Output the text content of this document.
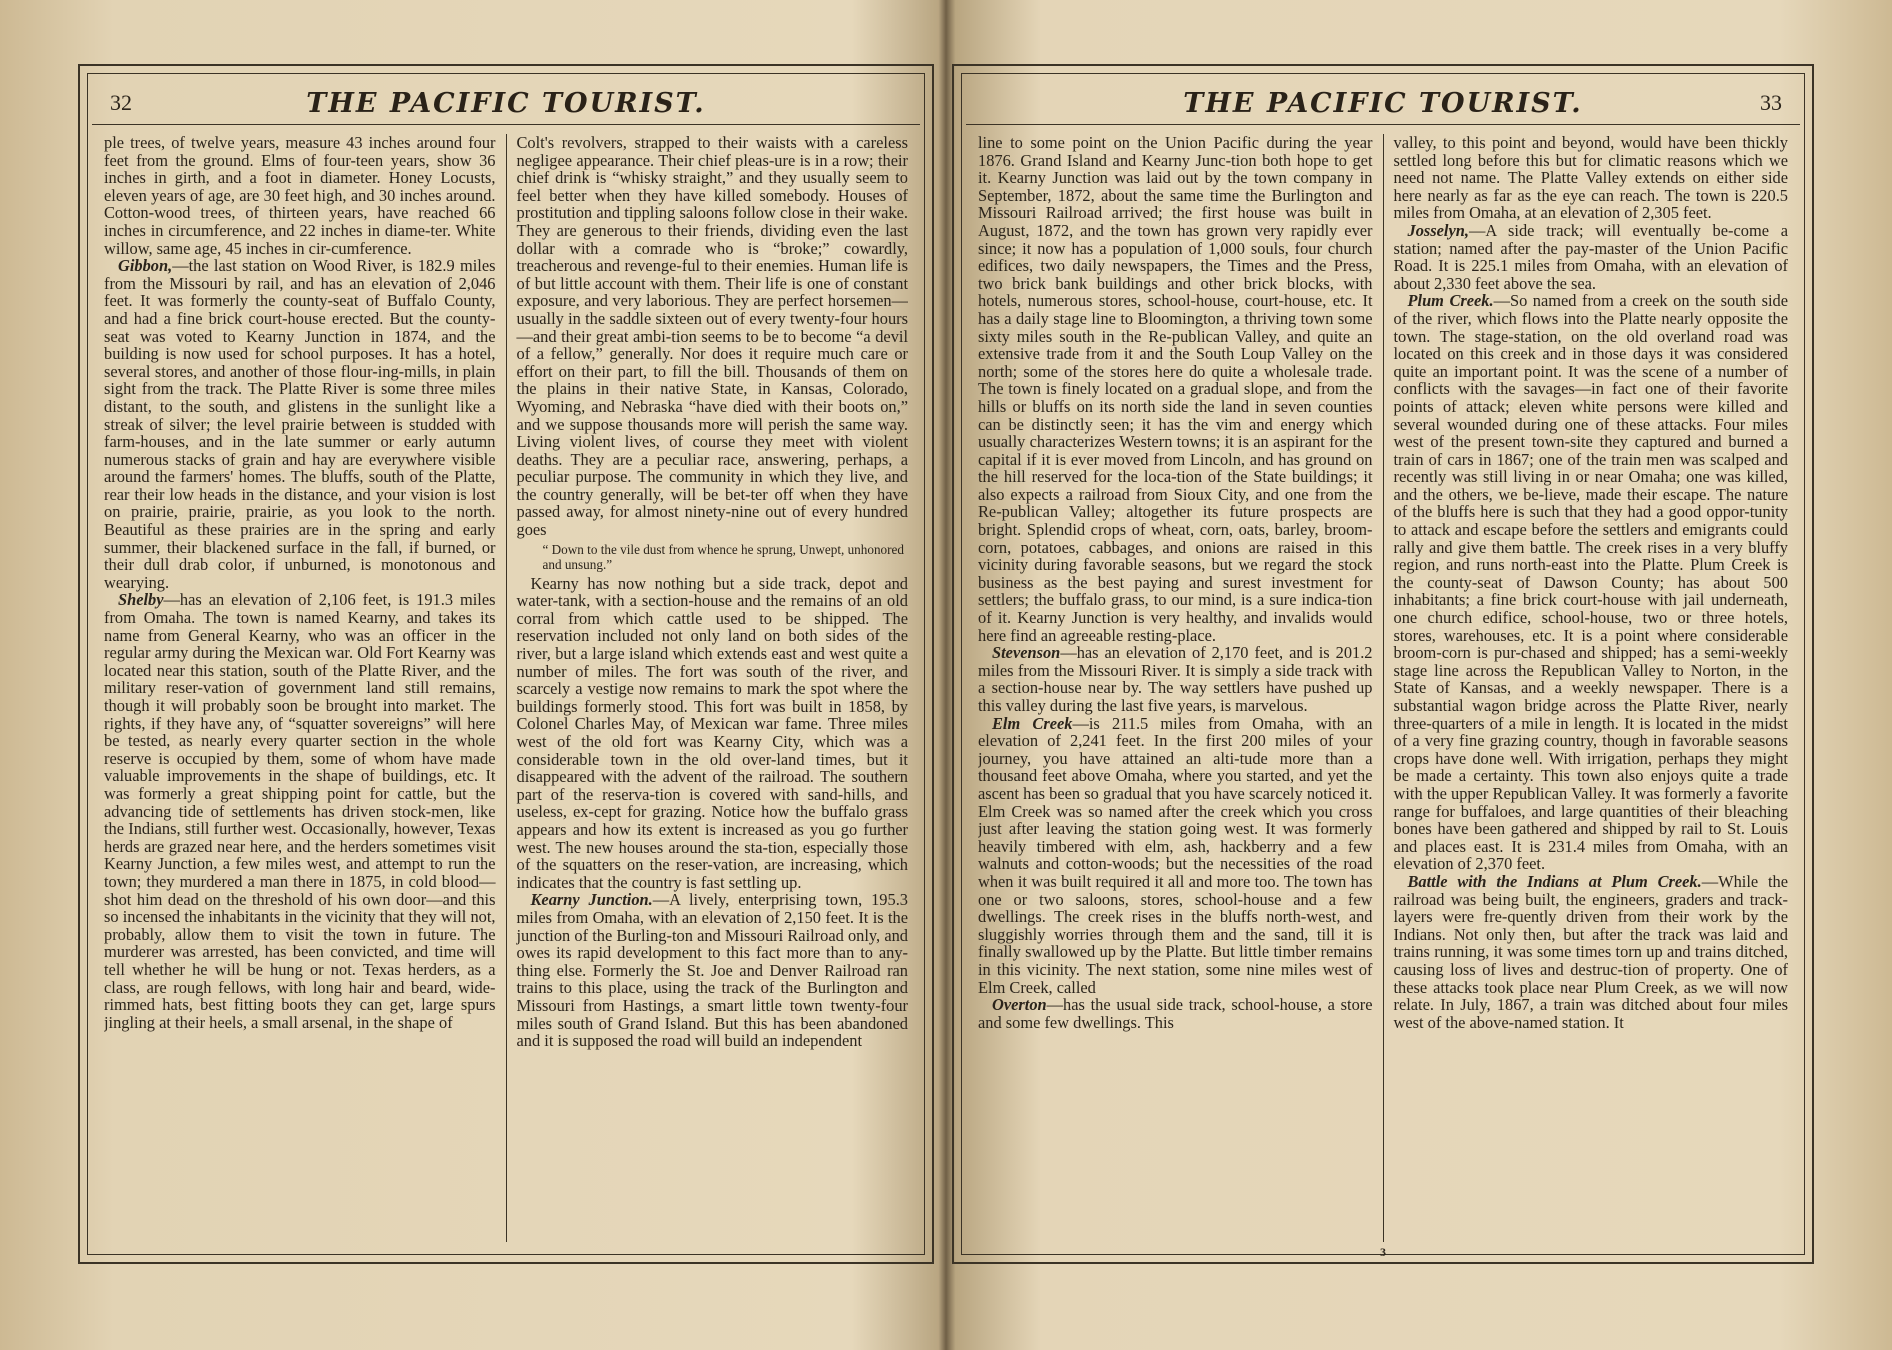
32	THE PACIFIC TOURIST.

ple trees, of twelve years, measure 43 inches around four feet from the ground. Elms of four-teen years, show 36 inches in girth, and a foot in diameter. Honey Locusts, eleven years of age, are 30 feet high, and 30 inches around. Cotton-wood trees, of thirteen years, have reached 66 inches in circumference, and 22 inches in diame-ter. White willow, same age, 45 inches in cir-cumference.

Gibbon,—the last station on Wood River, is 182.9 miles from the Missouri by rail, and has an elevation of 2,046 feet. It was formerly the county-seat of Buffalo County, and had a fine brick court-house erected. But the county-seat was voted to Kearny Junction in 1874, and the building is now used for school purposes. It has a hotel, several stores, and another of those flour-ing-mills, in plain sight from the track. The Platte River is some three miles distant, to the south, and glistens in the sunlight like a streak of silver; the level prairie between is studded with farm-houses, and in the late summer or early autumn numerous stacks of grain and hay are everywhere visible around the farmers' homes. The bluffs, south of the Platte, rear their low heads in the distance, and your vision is lost on prairie, prairie, prairie, as you look to the north. Beautiful as these prairies are in the spring and early summer, their blackened surface in the fall, if burned, or their dull drab color, if unburned, is monotonous and wearying.

Shelby—has an elevation of 2,106 feet, is 191.3 miles from Omaha. The town is named Kearny, and takes its name from General Kearny, who was an officer in the regular army during the Mexican war. Old Fort Kearny was located near this station, south of the Platte River, and the military reser-vation of government land still remains, though it will probably soon be brought into market. The rights, if they have any, of “squatter sovereigns” will here be tested, as nearly every quarter section in the whole reserve is occupied by them, some of whom have made valuable improvements in the shape of buildings, etc. It was formerly a great shipping point for cattle, but the advancing tide of settlements has driven stock-men, like the Indians, still further west. Occasionally, however, Texas herds are grazed near here, and the herders sometimes visit Kearny Junction, a few miles west, and attempt to run the town; they murdered a man there in 1875, in cold blood—shot him dead on the threshold of his own door—and this so incensed the inhabitants in the vicinity that they will not, probably, allow them to visit the town in future. The murderer was arrested, has been convicted, and time will tell whether he will be hung or not. Texas herders, as a class, are rough fellows, with long hair and beard, wide-rimmed hats, best fitting boots they can get, large spurs jingling at their heels, a small arsenal, in the shape of

Colt's revolvers, strapped to their waists with a careless negligee appearance. Their chief pleas-ure is in a row; their chief drink is “whisky straight,” and they usually seem to feel better when they have killed somebody. Houses of prostitution and tippling saloons follow close in their wake. They are generous to their friends, dividing even the last dollar with a comrade who is “broke;” cowardly, treacherous and revenge-ful to their enemies. Human life is of but little account with them. Their life is one of constant exposure, and very laborious. They are perfect horsemen—usually in the saddle sixteen out of every twenty-four hours—and their great ambi-tion seems to be to become “a devil of a fellow,” generally. Nor does it require much care or effort on their part, to fill the bill. Thousands of them on the plains in their native State, in Kansas, Colorado, Wyoming, and Nebraska “have died with their boots on,” and we suppose thousands more will perish the same way. Living violent lives, of course they meet with violent deaths. They are a peculiar race, answering, perhaps, a peculiar purpose. The community in which they live, and the country generally, will be bet-ter off when they have passed away, for almost ninety-nine out of every hundred goes

“ Down to the vile dust from whence he sprung, Unwept, unhonored and unsung.”

Kearny has now nothing but a side track, depot and water-tank, with a section-house and the remains of an old corral from which cattle used to be shipped. The reservation included not only land on both sides of the river, but a large island which extends east and west quite a number of miles. The fort was south of the river, and scarcely a vestige now remains to mark the spot where the buildings formerly stood. This fort was built in 1858, by Colonel Charles May, of Mexican war fame. Three miles west of the old fort was Kearny City, which was a considerable town in the old over-land times, but it disappeared with the advent of the railroad. The southern part of the reserva-tion is covered with sand-hills, and useless, ex-cept for grazing. Notice how the buffalo grass appears and how its extent is increased as you go further west. The new houses around the sta-tion, especially those of the squatters on the reser-vation, are increasing, which indicates that the country is fast settling up.

Kearny Junction.—A lively, enterprising town, 195.3 miles from Omaha, with an elevation of 2,150 feet. It is the junction of the Burling-ton and Missouri Railroad only, and owes its rapid development to this fact more than to any-thing else. Formerly the St. Joe and Denver Railroad ran trains to this place, using the track of the Burlington and Missouri from Hastings, a smart little town twenty-four miles south of Grand Island. But this has been abandoned and it is supposed the road will build an independent

THE PACIFIC TOURIST.	33

line to some point on the Union Pacific during the year 1876. Grand Island and Kearny Junc-tion both hope to get it. Kearny Junction was laid out by the town company in September, 1872, about the same time the Burlington and Missouri Railroad arrived; the first house was built in August, 1872, and the town has grown very rapidly ever since; it now has a population of 1,000 souls, four church edifices, two daily newspapers, the Times and the Press, two brick bank buildings and other brick blocks, with hotels, numerous stores, school-house, court-house, etc. It has a daily stage line to Bloomington, a thriving town some sixty miles south in the Re-publican Valley, and quite an extensive trade from it and the South Loup Valley on the north; some of the stores here do quite a wholesale trade. The town is finely located on a gradual slope, and from the hills or bluffs on its north side the land in seven counties can be distinctly seen; it has the vim and energy which usually characterizes Western towns; it is an aspirant for the capital if it is ever moved from Lincoln, and has ground on the hill reserved for the loca-tion of the State buildings; it also expects a railroad from Sioux City, and one from the Re-publican Valley; altogether its future prospects are bright. Splendid crops of wheat, corn, oats, barley, broom-corn, potatoes, cabbages, and onions are raised in this vicinity during favorable seasons, but we regard the stock business as the best paying and surest investment for settlers; the buffalo grass, to our mind, is a sure indica-tion of it. Kearny Junction is very healthy, and invalids would here find an agreeable resting-place.

Stevenson—has an elevation of 2,170 feet, and is 201.2 miles from the Missouri River. It is simply a side track with a section-house near by. The way settlers have pushed up this valley during the last five years, is marvelous.

Elm Creek—is 211.5 miles from Omaha, with an elevation of 2,241 feet. In the first 200 miles of your journey, you have attained an alti-tude more than a thousand feet above Omaha, where you started, and yet the ascent has been so gradual that you have scarcely noticed it. Elm Creek was so named after the creek which you cross just after leaving the station going west. It was formerly heavily timbered with elm, ash, hackberry and a few walnuts and cotton-woods; but the necessities of the road when it was built required it all and more too. The town has one or two saloons, stores, school-house and a few dwellings. The creek rises in the bluffs north-west, and sluggishly worries through them and the sand, till it is finally swallowed up by the Platte. But little timber remains in this vicinity. The next station, some nine miles west of Elm Creek, called

Overton—has the usual side track, school-house, a store and some few dwellings. This

valley, to this point and beyond, would have been thickly settled long before this but for climatic reasons which we need not name. The Platte Valley extends on either side here nearly as far as the eye can reach. The town is 220.5 miles from Omaha, at an elevation of 2,305 feet.

Josselyn,—A side track; will eventually be-come a station; named after the pay-master of the Union Pacific Road. It is 225.1 miles from Omaha, with an elevation of about 2,330 feet above the sea.

Plum Creek.—So named from a creek on the south side of the river, which flows into the Platte nearly opposite the town. The stage-station, on the old overland road was located on this creek and in those days it was considered quite an important point. It was the scene of a number of conflicts with the savages—in fact one of their favorite points of attack; eleven white persons were killed and several wounded during one of these attacks. Four miles west of the present town-site they captured and burned a train of cars in 1867; one of the train men was scalped and recently was still living in or near Omaha; one was killed, and the others, we be-lieve, made their escape. The nature of the bluffs here is such that they had a good oppor-tunity to attack and escape before the settlers and emigrants could rally and give them battle. The creek rises in a very bluffy region, and runs north-east into the Platte. Plum Creek is the county-seat of Dawson County; has about 500 inhabitants; a fine brick court-house with jail underneath, one church edifice, school-house, two or three hotels, stores, warehouses, etc. It is a point where considerable broom-corn is pur-chased and shipped; has a semi-weekly stage line across the Republican Valley to Norton, in the State of Kansas, and a weekly newspaper. There is a substantial wagon bridge across the Platte River, nearly three-quarters of a mile in length. It is located in the midst of a very fine grazing country, though in favorable seasons crops have done well. With irrigation, perhaps they might be made a certainty. This town also enjoys quite a trade with the upper Republican Valley. It was formerly a favorite range for buffaloes, and large quantities of their bleaching bones have been gathered and shipped by rail to St. Louis and places east. It is 231.4 miles from Omaha, with an elevation of 2,370 feet.

Battle with the Indians at Plum Creek.—While the railroad was being built, the engineers, graders and track-layers were fre-quently driven from their work by the Indians. Not only then, but after the track was laid and trains running, it was some times torn up and trains ditched, causing loss of lives and destruc-tion of property. One of these attacks took place near Plum Creek, as we will now relate. In July, 1867, a train was ditched about four miles west of the above-named station. It

3
